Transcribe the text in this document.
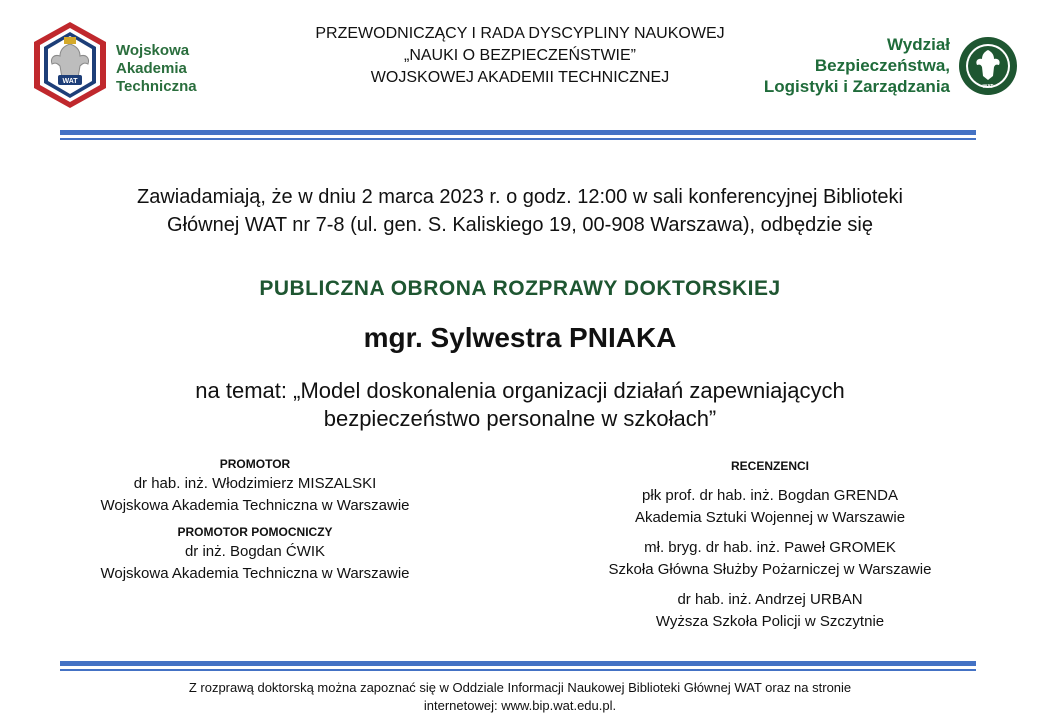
WAT
Wojskowa
Akademia
Techniczna
PRZEWODNICZĄCY I RADA DYSCYPLINY NAUKOWEJ
„NAUKI O BEZPIECZEŃSTWIE”
WOJSKOWEJ AKADEMII TECHNICZNEJ
Wydział
Bezpieczeństwa,
Logistyki i Zarządzania	WAT
Zawiadamiają, że w dniu 2 marca 2023 r. o godz. 12:00 w sali konferencyjnej Biblioteki
Głównej WAT nr 7-8 (ul. gen. S. Kaliskiego 19, 00-908 Warszawa), odbędzie się
PUBLICZNA OBRONA ROZPRAWY DOKTORSKIEJ
mgr. Sylwestra PNIAKA
na temat: „Model doskonalenia organizacji działań zapewniających
bezpieczeństwo personalne w szkołach”
PROMOTOR
dr hab. inż. Włodzimierz MISZALSKI
Wojskowa Akademia Techniczna w Warszawie
PROMOTOR POMOCNICZY
dr inż. Bogdan ĆWIK
Wojskowa Akademia Techniczna w Warszawie
RECENZENCI
płk prof. dr hab. inż. Bogdan GRENDA
Akademia Sztuki Wojennej w Warszawie
mł. bryg. dr hab. inż. Paweł GROMEK
Szkoła Główna Służby Pożarniczej w Warszawie
dr hab. inż. Andrzej URBAN
Wyższa Szkoła Policji w Szczytnie
Z rozprawą doktorską można zapoznać się w Oddziale Informacji Naukowej Biblioteki Głównej WAT oraz na stronie
internetowej: www.bip.wat.edu.pl.
